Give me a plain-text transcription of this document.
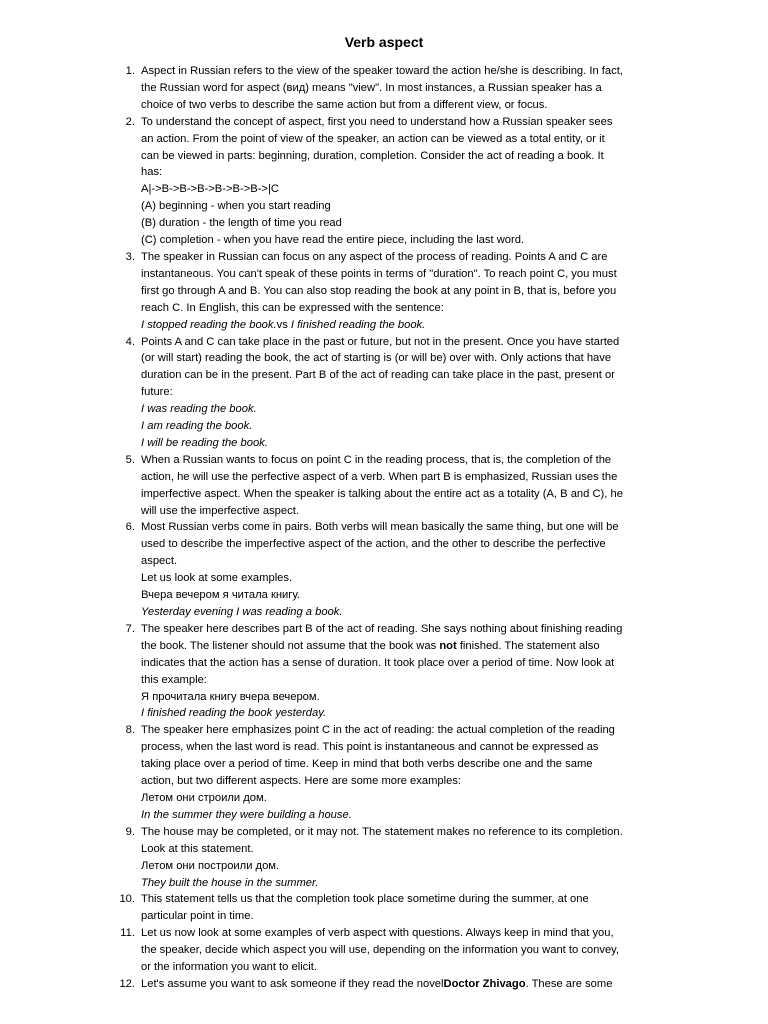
Verb aspect
1. Aspect in Russian refers to the view of the speaker toward the action he/she is describing. In fact,
the Russian word for aspect (вид) means "view". In most instances, a Russian speaker has a
choice of two verbs to describe the same action but from a different view, or focus.
2. To understand the concept of aspect, first you need to understand how a Russian speaker sees
an action. From the point of view of the speaker, an action can be viewed as a total entity, or it
can be viewed in parts: beginning, duration, completion. Consider the act of reading a book. It
has:
A|->B->B->B->B->B->B->|C
(A) beginning - when you start reading
(B) duration - the length of time you read
(C) completion - when you have read the entire piece, including the last word.
3. The speaker in Russian can focus on any aspect of the process of reading. Points A and C are
instantaneous. You can't speak of these points in terms of "duration". To reach point C, you must
first go through A and B. You can also stop reading the book at any point in B, that is, before you
reach C. In English, this can be expressed with the sentence:
I stopped reading the book.vs I finished reading the book.
4. Points A and C can take place in the past or future, but not in the present. Once you have started
(or will start) reading the book, the act of starting is (or will be) over with. Only actions that have
duration can be in the present. Part B of the act of reading can take place in the past, present or
future:
I was reading the book.
I am reading the book.
I will be reading the book.
5. When a Russian wants to focus on point C in the reading process, that is, the completion of the
action, he will use the perfective aspect of a verb. When part B is emphasized, Russian uses the
imperfective aspect. When the speaker is talking about the entire act as a totality (A, B and C), he
will use the imperfective aspect.
6. Most Russian verbs come in pairs. Both verbs will mean basically the same thing, but one will be
used to describe the imperfective aspect of the action, and the other to describe the perfective
aspect.
Let us look at some examples.
Вчера вечером я читала книгу.
Yesterday evening I was reading a book.
7. The speaker here describes part B of the act of reading. She says nothing about finishing reading
the book. The listener should not assume that the book was not finished. The statement also
indicates that the action has a sense of duration. It took place over a period of time. Now look at
this example:
Я прочитала книгу вчера вечером.
I finished reading the book yesterday.
8. The speaker here emphasizes point C in the act of reading: the actual completion of the reading
process, when the last word is read. This point is instantaneous and cannot be expressed as
taking place over a period of time. Keep in mind that both verbs describe one and the same
action, but two different aspects. Here are some more examples:
Летом они строили дом.
In the summer they were building a house.
9. The house may be completed, or it may not. The statement makes no reference to its completion.
Look at this statement.
Летом они построили дом.
They built the house in the summer.
10. This statement tells us that the completion took place sometime during the summer, at one
particular point in time.
11. Let us now look at some examples of verb aspect with questions. Always keep in mind that you,
the speaker, decide which aspect you will use, depending on the information you want to convey,
or the information you want to elicit.
12. Let's assume you want to ask someone if they read the novelDoctor Zhivago. These are some
